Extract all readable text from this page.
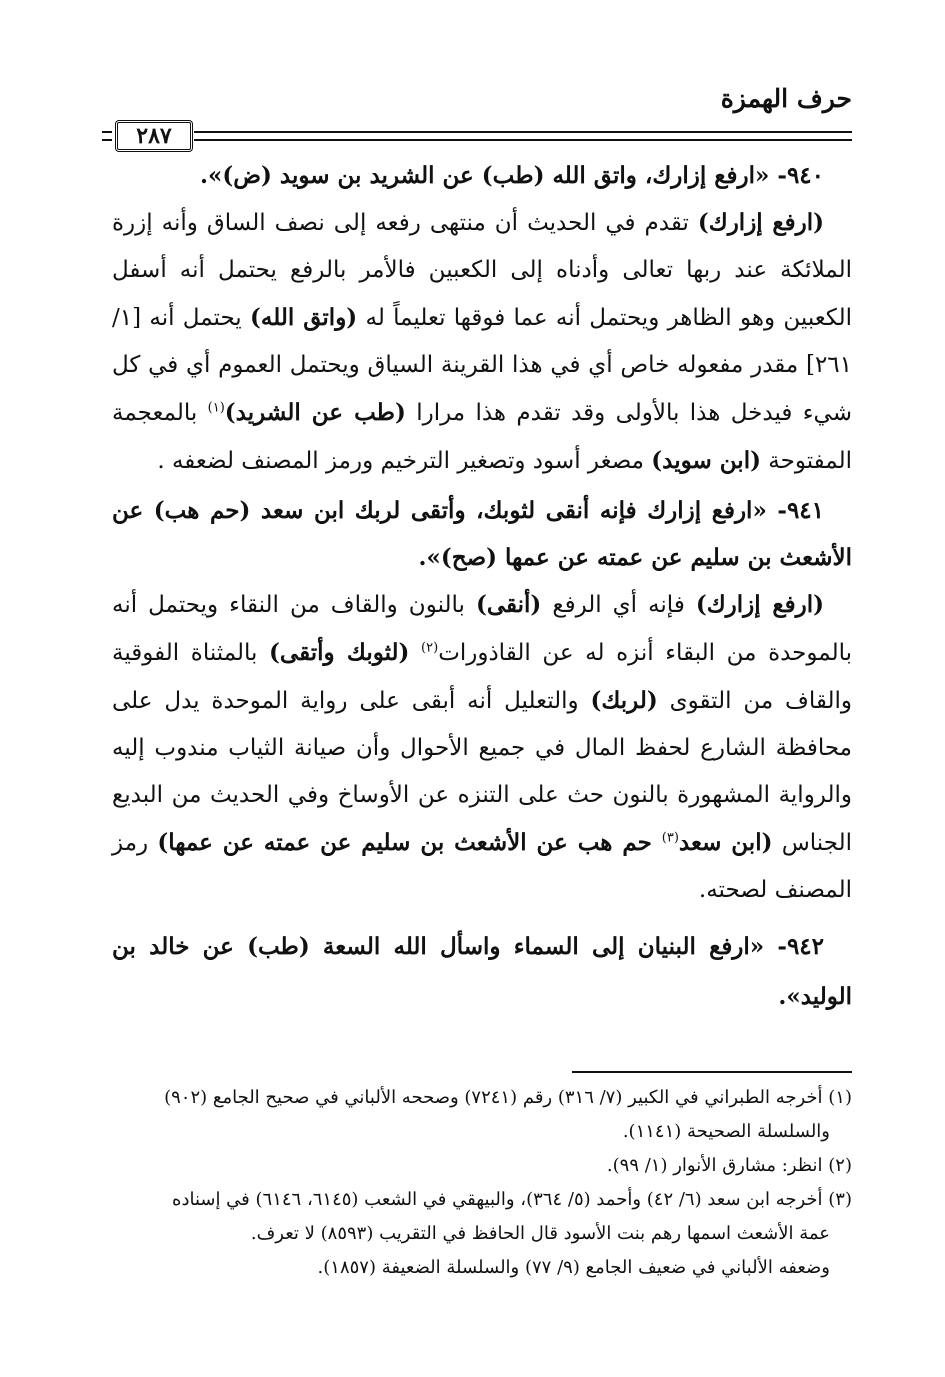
حرف الهمزة
٢٨٧

٩٤٠- «ارفع إزارك، واتق الله (طب) عن الشريد بن سويد (ض)».

(ارفع إزارك) تقدم في الحديث أن منتهى رفعه إلى نصف الساق وأنه إزرة الملائكة عند ربها تعالى وأدناه إلى الكعبين فالأمر بالرفع يحتمل أنه أسفل الكعبين وهو الظاهر ويحتمل أنه عما فوقها تعليماً له (واتق الله) يحتمل أنه [١/ ٢٦١] مقدر مفعوله خاص أي في هذا القرينة السياق ويحتمل العموم أي في كل شيء فيدخل هذا بالأولى وقد تقدم هذا مرارا (طب عن الشريد)$^{(١)}$ بالمعجمة المفتوحة (ابن سويد) مصغر أسود وتصغير الترخيم ورمز المصنف لضعفه .

٩٤١- «ارفع إزارك فإنه أنقى لثوبك، وأتقى لربك ابن سعد (حم هب) عن الأشعث بن سليم عن عمته عن عمها (صح)».

(ارفع إزارك) فإنه أي الرفع (أنقى) بالنون والقاف من النقاء ويحتمل أنه بالموحدة من البقاء أنزه له عن القاذورات$^{(٢)}$ (لثوبك وأتقى) بالمثناة الفوقية والقاف من التقوى (لربك) والتعليل أنه أبقى على رواية الموحدة يدل على محافظة الشارع لحفظ المال في جميع الأحوال وأن صيانة الثياب مندوب إليه والرواية المشهورة بالنون حث على التنزه عن الأوساخ وفي الحديث من البديع الجناس (ابن سعد$^{(٣)}$ حم هب عن الأشعث بن سليم عن عمته عن عمها) رمز المصنف لصحته.

٩٤٢- «ارفع البنيان إلى السماء واسأل الله السعة (طب) عن خالد بن الوليد».

(١) أخرجه الطبراني في الكبير (٧/ ٣١٦) رقم (٧٢٤١) وصححه الألباني في صحيح الجامع (٩٠٢)

والسلسلة الصحيحة (١١٤١).

(٢) انظر: مشارق الأنوار (١/ ٩٩).

(٣) أخرجه ابن سعد (٦/ ٤٢) وأحمد (٥/ ٣٦٤)، والبيهقي في الشعب (٦١٤٥، ٦١٤٦) في إسناده

عمة الأشعث اسمها رهم بنت الأسود قال الحافظ في التقريب (٨٥٩٣) لا تعرف.

وضعفه الألباني في ضعيف الجامع (٩/ ٧٧) والسلسلة الضعيفة (١٨٥٧).
